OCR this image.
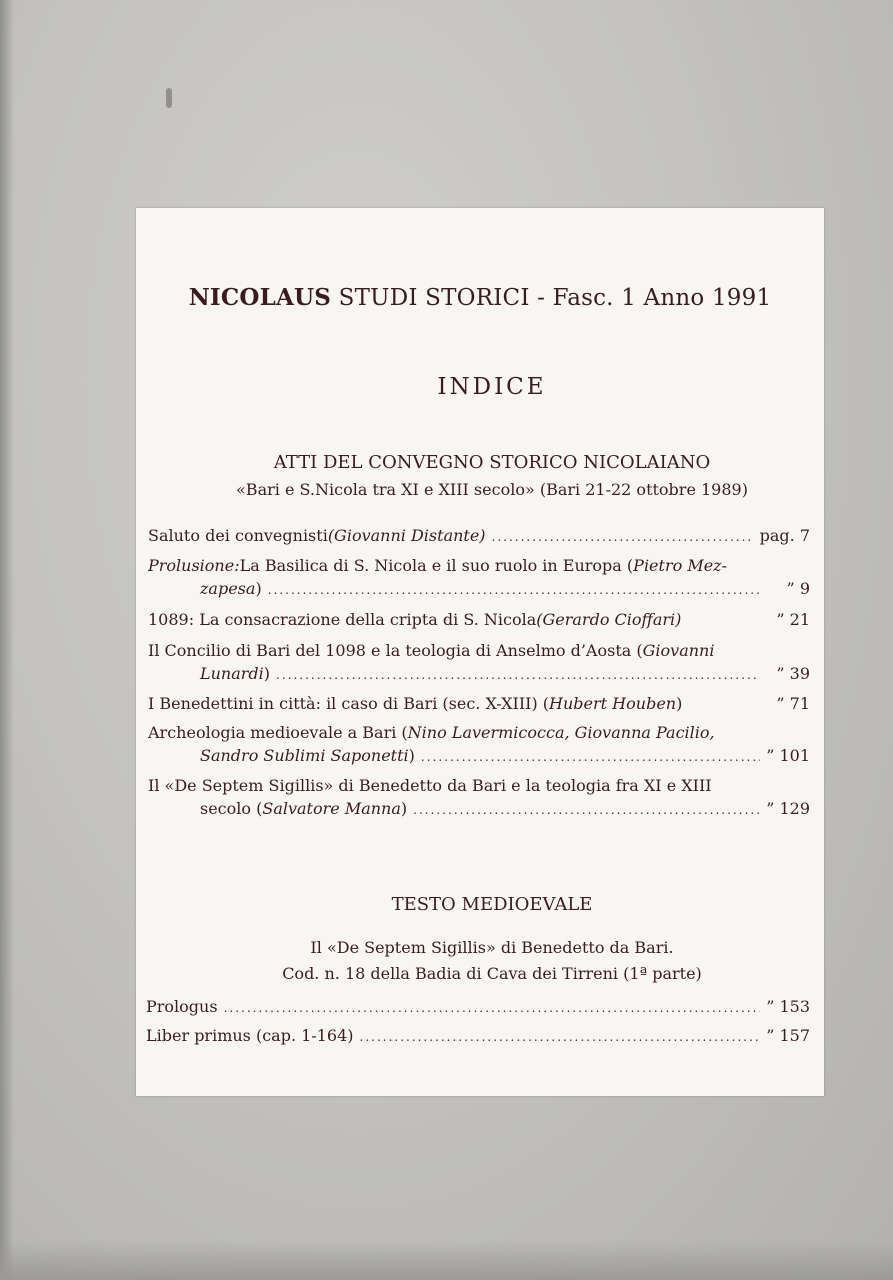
NICOLAUS STUDI STORICI - Fasc. 1 Anno 1991
INDICE
ATTI DEL CONVEGNO STORICO NICOLAIANO
«Bari e S.Nicola tra XI e XIII secolo» (Bari 21-22 ottobre 1989)
Saluto dei convegnisti (Giovanni Distante) .....	pag. 7
Prolusione: La Basilica di S. Nicola e il suo ruolo in Europa ( Pietro Mez-
zapesa ) .....	” 9
1089: La consacrazione della cripta di S. Nicola (Gerardo Cioffari)	” 21
Il Concilio di Bari del 1098 e la teologia di Anselmo d’Aosta ( Giovanni
Lunardi ) .....	” 39
I Benedettini in città: il caso di Bari (sec. X-XIII) ( Hubert Houben )	” 71
Archeologia medioevale a Bari ( Nino Lavermicocca, Giovanna Pacilio,
Sandro Sublimi Saponetti ) .....	” 101
Il «De Septem Sigillis» di Benedetto da Bari e la teologia fra XI e XIII
secolo ( Salvatore Manna ) .....	” 129
TESTO MEDIOEVALE
Il «De Septem Sigillis» di Benedetto da Bari.
Cod. n. 18 della Badia di Cava dei Tirreni (1ª parte)
Prologus .....	” 153
Liber primus (cap. 1-164) .....	” 157
